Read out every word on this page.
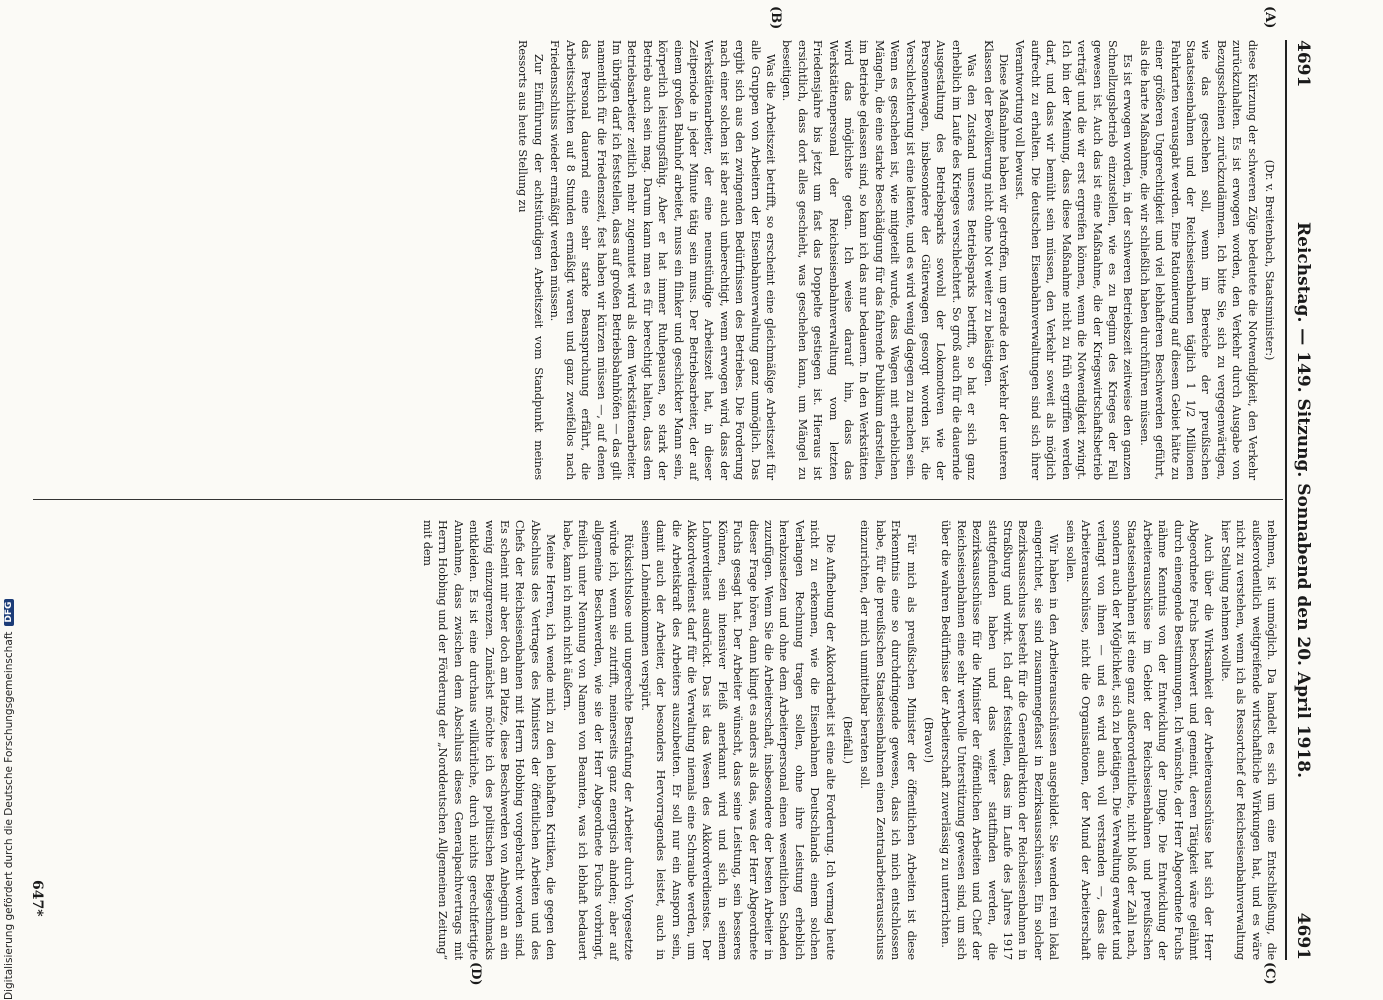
4691
Reichstag. — 149. Sitzung. Sonnabend den 20. April 1918.
4691
(A)
(B)
(C)
(D)

(Dr. v. Breitenbach, Staatsminister:)

diese Kürzung der schweren Züge bedeutete die Notwendigkeit, den Verkehr zurückzuhalten. Es ist erwogen worden, den Verkehr durch Ausgabe von Bezugsscheinen zurückzudämmen. Ich bitte Sie, sich zu vergegenwärtigen, wie das geschehen soll, wenn im Bereiche der preußischen Staatseisenbahnen und der Reichseisenbahnen täglich 1 1/2 Millionen Fahrkarten verausgabt werden. Eine Rationierung auf diesem Gebiet hätte zu einer größeren Ungerechtigkeit und viel lebhafteren Beschwerden geführt, als die harte Maßnahme, die wir schließlich haben durchführen müssen.

Es ist erwogen worden, in der schweren Betriebszeit zeitweise den ganzen Schnellzugsbetrieb einzustellen, wie es zu Beginn des Krieges der Fall gewesen ist. Auch das ist eine Maßnahme, die der Kriegswirtschaftsbetrieb verträgt und die wir erst ergreifen können, wenn die Notwendigkeit zwingt. Ich bin der Meinung, dass diese Maßnahme nicht zu früh ergriffen werden darf, und dass wir bemüht sein müssen, den Verkehr soweit als möglich aufrecht zu erhalten. Die deutschen Eisenbahnverwaltungen sind sich ihrer Verantwortung voll bewusst.

Diese Maßnahme haben wir getroffen, um gerade den Verkehr der unteren Klassen der Bevölkerung nicht ohne Not weiter zu belästigen.

Was den Zustand unseres Betriebsparks betrifft, so hat er sich ganz erheblich im Laufe des Krieges verschlechtert. So groß auch für die dauernde Ausgestaltung des Betriebsparks sowohl der Lokomotiven wie der Personenwagen, insbesondere der Güterwagen gesorgt worden ist, die Verschlechterung ist eine latente, und es wird wenig dagegen zu machen sein. Wenn es geschehen ist, wie mitgeteilt wurde, dass Wagen mit erheblichen Mängeln, die eine starke Beschädigung für das fahrende Publikum darstellen, im Betriebe gelassen sind, so kann ich das nur bedauern. In den Werkstätten wird das möglichste getan. Ich weise darauf hin, dass das Werkstättenpersonal der Reichseisenbahnverwaltung vom letzten Friedensjahre bis jetzt um fast das Doppelte gestiegen ist. Hieraus ist ersichtlich, dass dort alles geschieht, was geschehen kann, um Mängel zu beseitigen.

Was die Arbeitszeit betrifft, so erscheint eine gleichmäßige Arbeitszeit für alle Gruppen von Arbeitern der Eisenbahnverwaltung ganz unmöglich. Das ergibt sich aus den zwingenden Bedürfnissen des Betriebes. Die Forderung nach einer solchen ist aber auch unberechtigt, wenn erwogen wird, dass der Werkstättenarbeiter, der eine neunstündige Arbeitszeit hat, in dieser Zeitperiode in jeder Minute tätig sein muss. Der Betriebsarbeiter, der auf einem großen Bahnhof arbeitet, muss ein flinker und geschickter Mann sein, körperlich leistungsfähig. Aber er hat immer Ruhepausen, so stark der Betrieb auch sein mag. Darum kann man es für berechtigt halten, dass dem Betriebsarbeiter zeitlich mehr zugemutet wird als dem Werkstättenarbeiter. Im übrigen darf ich feststellen, dass auf großen Betriebsbahnhöfen — das gilt namentlich für die Friedenszeit, fest haben wir kürzen müssen —, auf denen das Personal dauernd eine sehr starke Beanspruchung erfährt, die Arbeitsschichten auf 8 Stunden ermäßigt waren und ganz zweifellos nach Friedensschluss wieder ermäßigt werden müssen.

Zur Einführung der achtstündigen Arbeitszeit vom Standpunkt meines Ressorts aus heute Stellung zu

nehmen, ist unmöglich. Da handelt es sich um eine Entschließung, die außerordentlich weitgreifende wirtschaftliche Wirkungen hat, und es wäre nicht zu verstehen, wenn ich als Ressortchef der Reichseisenbahnverwaltung hier Stellung nehmen wollte.

Auch über die Wirksamkeit der Arbeiterausschüsse hat sich der Herr Abgeordnete Fuchs beschwert und gemeint, deren Tätigkeit wäre gelähmt durch einengende Bestimmungen. Ich wünschte, der Herr Abgeordnete Fuchs nähme Kenntnis von der Entwicklung der Dinge. Die Entwicklung der Arbeiterausschüsse im Gebiet der Reichseisenbahnen und preußischen Staatseisenbahnen ist eine ganz außerordentliche, nicht bloß der Zahl nach, sondern auch der Möglichkeit, sich zu betätigen. Die Verwaltung erwartet und verlangt von ihnen — und es wird auch voll verstanden —, dass die Arbeiterausschüsse, nicht die Organisationen, der Mund der Arbeiterschaft sein sollen.

Wir haben in den Arbeiterausschüssen ausgebildet. Sie wenden rein lokal eingerichtet, sie sind zusammengefasst in Bezirksausschüssen. Ein solcher Bezirksausschuss besteht für die Generaldirektion der Reichseisenbahnen in Straßburg und wirkt. Ich darf feststellen, dass im Laufe des Jahres 1917 stattgefunden haben und dass weiter stattfinden werden, die Bezirksausschüsse für die Minister der öffentlichen Arbeiten und Chef der Reichseisenbahnen eine sehr wertvolle Unterstützung gewesen sind, um sich über die wahren Bedürfnisse der Arbeiterschaft zuverlässig zu unterrichten.

(Bravo!)

Für mich als preußischen Minister der öffentlichen Arbeiten ist diese Erkenntnis eine so durchdringende gewesen, dass ich mich entschlossen habe, für die preußischen Staatseisenbahnen einen Zentralarbeiterausschuss einzurichten, der mich unmittelbar beraten soll.

(Beifall.)

Die Aufhebung der Akkordarbeit ist eine alte Forderung. Ich vermag heute nicht zu erkennen, wie die Eisenbahnen Deutschlands einem solchen Verlangen Rechnung tragen sollen, ohne ihre Leistung erheblich herabzusetzen und ohne dem Arbeiterpersonal einen wesentlichen Schaden zuzufügen. Wenn Sie die Arbeiterschaft, insbesondere der besten Arbeiter in dieser Frage hören, dann klingt es anders als das, was der Herr Abgeordnete Fuchs gesagt hat. Der Arbeiter wünscht, dass seine Leistung, sein besseres Können, sein intensiver Fleiß anerkannt wird und sich in seinem Lohnverdienst ausdrückt. Das ist das Wesen des Akkordverdienstes. Der Akkordverdienst darf für die Verwaltung niemals eine Schraube werden, um die Arbeitskraft des Arbeiters auszubeuten. Er soll nur ein Ansporn sein, damit auch der Arbeiter, der besonders Hervorragendes leistet, auch in seinem Lohneinkommen verspürt.

Rücksichtslose und ungerechte Bestrafung der Arbeiter durch Vorgesetzte würde ich, wenn sie zutrifft, meinerseits ganz energisch ahnden; aber auf allgemeine Beschwerden, wie sie der Herr Abgeordnete Fuchs vorbringt, freilich unter Nennung von Namen von Beamten, was ich lebhaft bedauert habe, kann ich mich nicht äußern.

Meine Herren, ich wende mich zu den lebhaften Kritiken, die gegen den Abschluss des Vertrages des Ministers der öffentlichen Arbeiten und des Chefs der Reichseisenbahnen mit Herrn Hobbing vorgebracht worden sind. Es scheint mir aber doch am Platze, diese Beschwerden von Anbeginn an ein wenig einzugrenzen. Zunächst möchte ich des politischen Beigeschmacks entkleiden. Es ist eine durchaus willkürliche, durch nichts gerechtfertigte Annahme, dass zwischen dem Abschluss dieses Generalpachtvertrags mit Herrn Hobbing und der Förderung der „Norddeutschen Allgemeinen Zeitung“ mit dem

647*
Digitalisierung gefördert durch die Deutsche Forschungsgemeinschaft
DFG
